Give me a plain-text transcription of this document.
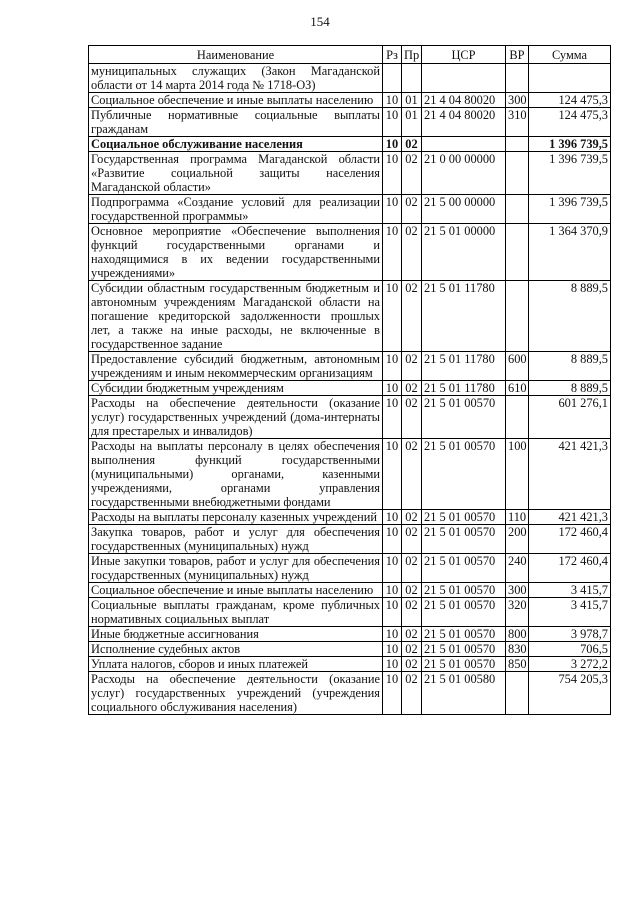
154
Наименование	Рз	Пр	ЦСР	ВР	Сумма
муниципальных служащих (Закон Магаданской области от 14 марта 2014 года № 1718-ОЗ)					
Социальное обеспечение и иные выплаты населению	10	01	21 4 04 80020	300	124 475,3
Публичные нормативные социальные выплаты гражданам	10	01	21 4 04 80020	310	124 475,3
Социальное обслуживание населения	10	02			1 396 739,5
Государственная программа Магаданской области «Развитие социальной защиты населения Магаданской области»	10	02	21 0 00 00000		1 396 739,5
Подпрограмма «Создание условий для реализации государственной программы»	10	02	21 5 00 00000		1 396 739,5
Основное мероприятие «Обеспечение выполнения функций государственными органами и находящимися в их ведении государственными учреждениями»	10	02	21 5 01 00000		1 364 370,9
Субсидии областным государственным бюджетным и автономным учреждениям Магаданской области на погашение кредиторской задолженности прошлых лет, а также на иные расходы, не включенные в государственное задание	10	02	21 5 01 11780		8 889,5
Предоставление субсидий бюджетным, автономным учреждениям и иным некоммерческим организациям	10	02	21 5 01 11780	600	8 889,5
Субсидии бюджетным учреждениям	10	02	21 5 01 11780	610	8 889,5
Расходы на обеспечение деятельности (оказание услуг) государственных учреждений (дома-интернаты для престарелых и инвалидов)	10	02	21 5 01 00570		601 276,1
Расходы на выплаты персоналу в целях обеспечения выполнения функций государственными (муниципальными) органами, казенными учреждениями, органами управления государственными внебюджетными фондами	10	02	21 5 01 00570	100	421 421,3
Расходы на выплаты персоналу казенных учреждений	10	02	21 5 01 00570	110	421 421,3
Закупка товаров, работ и услуг для обеспечения государственных (муниципальных) нужд	10	02	21 5 01 00570	200	172 460,4
Иные закупки товаров, работ и услуг для обеспечения государственных (муниципальных) нужд	10	02	21 5 01 00570	240	172 460,4
Социальное обеспечение и иные выплаты населению	10	02	21 5 01 00570	300	3 415,7
Социальные выплаты гражданам, кроме публичных нормативных социальных выплат	10	02	21 5 01 00570	320	3 415,7
Иные бюджетные ассигнования	10	02	21 5 01 00570	800	3 978,7
Исполнение судебных актов	10	02	21 5 01 00570	830	706,5
Уплата налогов, сборов и иных платежей	10	02	21 5 01 00570	850	3 272,2
Расходы на обеспечение деятельности (оказание услуг) государственных учреждений (учреждения социального обслуживания населения)	10	02	21 5 01 00580		754 205,3
